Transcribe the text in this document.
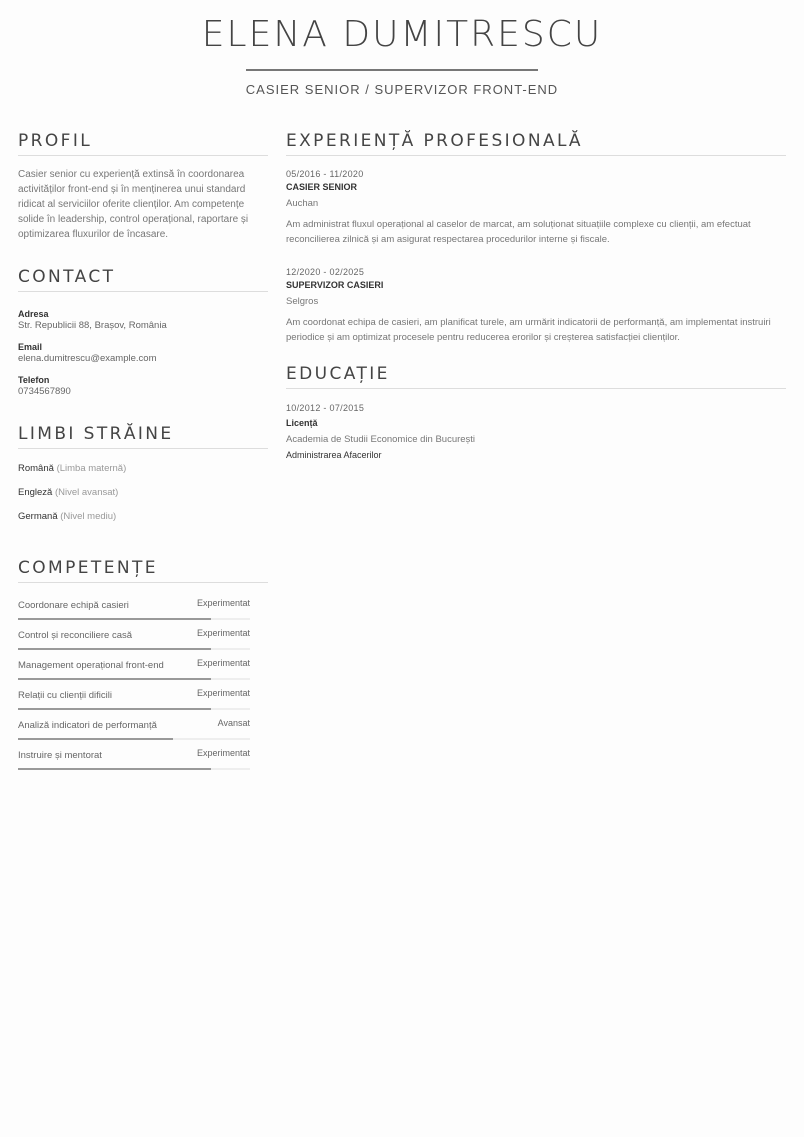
ELENA DUMITRESCU
CASIER SENIOR / SUPERVIZOR FRONT-END
PROFIL
Casier senior cu experiență extinsă în coordonarea activităților front-end și în menținerea unui standard ridicat al serviciilor oferite clienților. Am competențe solide în leadership, control operațional, raportare și optimizarea fluxurilor de încasare.
CONTACT
Adresa
Str. Republicii 88, Brașov, România
Email
elena.dumitrescu@example.com
Telefon
0734567890
LIMBI STRĂINE
Română (Limba maternă)
Engleză (Nivel avansat)
Germană (Nivel mediu)
COMPETENȚE
Coordonare echipă casieri	Experimentat
Control și reconciliere casă	Experimentat
Management operațional front-end	Experimentat
Relații cu clienții dificili	Experimentat
Analiză indicatori de performanță	Avansat
Instruire și mentorat	Experimentat
EXPERIENȚĂ PROFESIONALĂ
05/2016 - 11/2020
CASIER SENIOR
Auchan
Am administrat fluxul operațional al caselor de marcat, am soluționat situațiile complexe cu clienții, am efectuat reconcilierea zilnică și am asigurat respectarea procedurilor interne și fiscale.
12/2020 - 02/2025
SUPERVIZOR CASIERI
Selgros
Am coordonat echipa de casieri, am planificat turele, am urmărit indicatorii de performanță, am implementat instruiri periodice și am optimizat procesele pentru reducerea erorilor și creșterea satisfacției clienților.
EDUCAȚIE
10/2012 - 07/2015
Licență
Academia de Studii Economice din București
Administrarea Afacerilor
